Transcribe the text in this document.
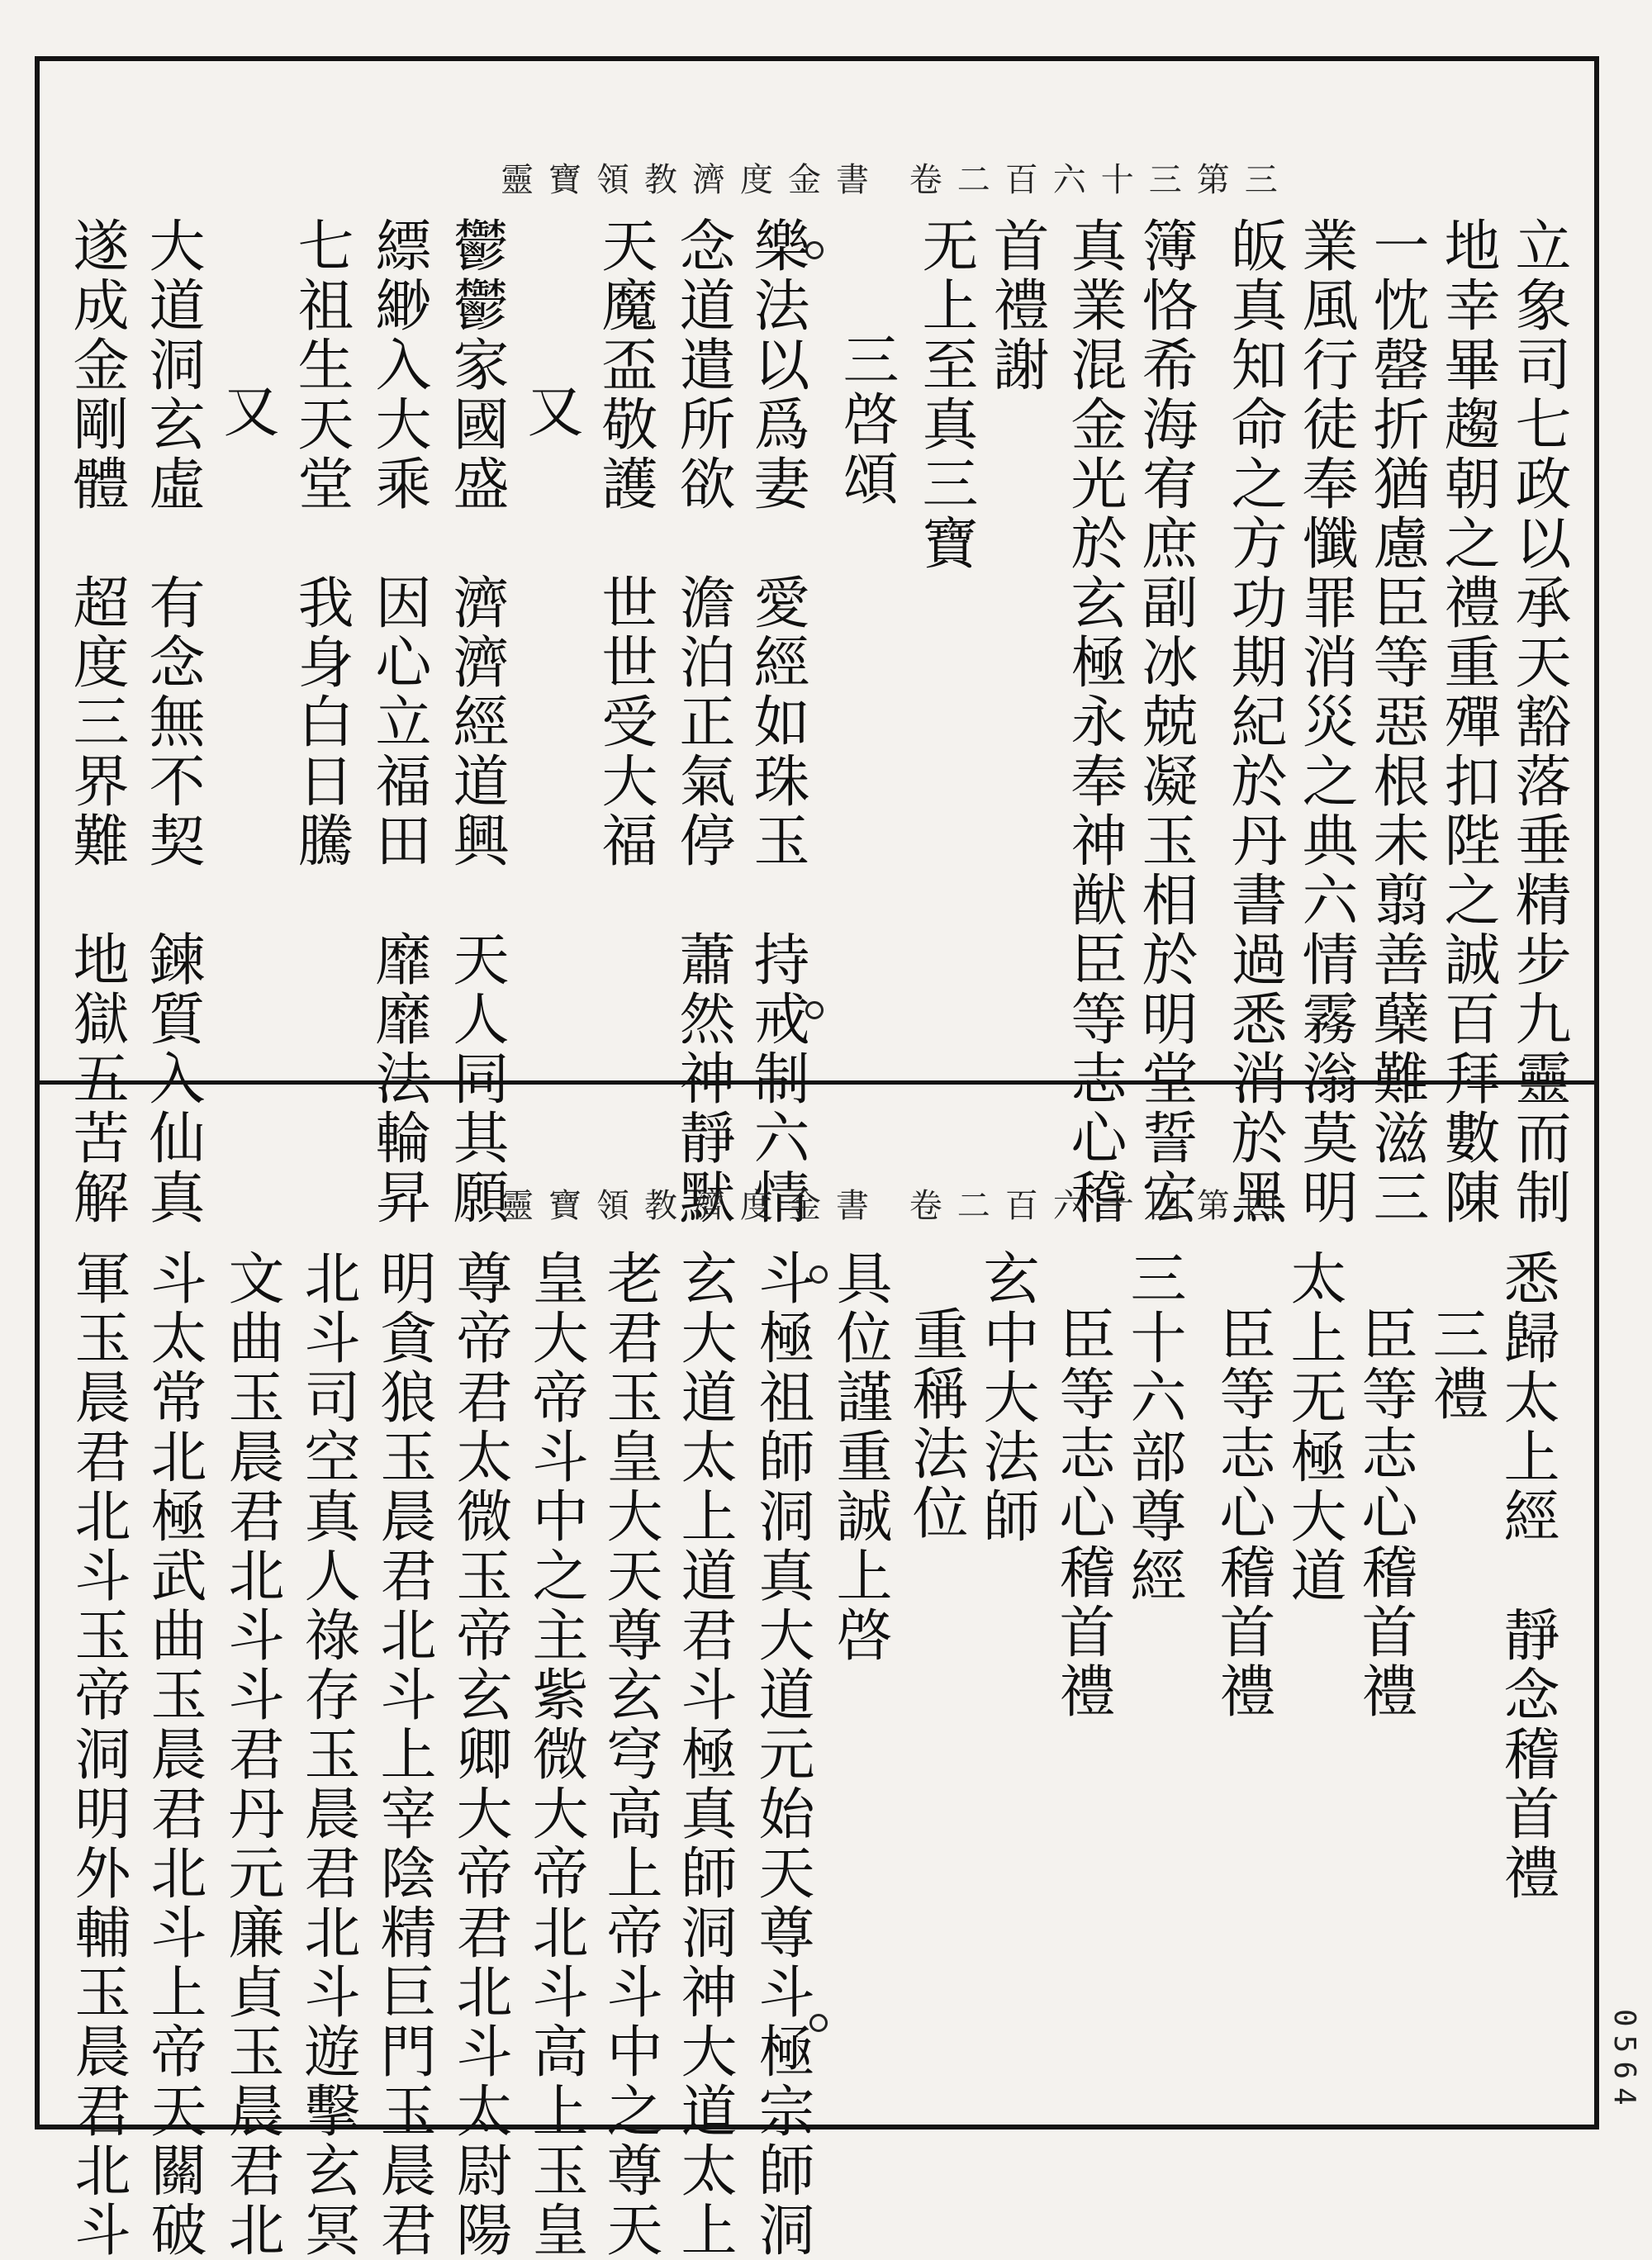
靈寶領教濟度金書 卷二百六十三第三
立象司七政以承天豁落垂精步九靈而制
地幸畢趨朝之禮重殫扣陛之誠百拜數陳
一忱罄折猶慮臣等惡根未翦善蘖難滋三
業風行徒奉懺罪消災之典六情霧滃莫明
皈真知命之方功期紀於丹書過悉消於黑
簿恪希海宥庶副冰兢凝玉相於明堂誓宏
真業混金光於玄極永奉神猷臣等志心稽
首禮謝
无上至真三寶
三啓頌
樂法以爲妻　愛經如珠玉　持戒制六情
念道遣所欲　澹泊正氣停　蕭然神靜默
天魔盃敬護　世世受大福
又
鬱鬱家國盛　濟濟經道興　天人同其願
縹緲入大乘　因心立福田　靡靡法輪昇
七祖生天堂　我身白日騰
又
大道洞玄虛　有念無不契　鍊質入仙真
遂成金剛體　超度三界難　地獄五苦解	靈寶領教濟度金書 卷二百六十四第四
悉歸太上經　靜念稽首禮
三禮
臣等志心稽首禮
太上无極大道
臣等志心稽首禮
三十六部尊經
臣等志心稽首禮
玄中大法師
重稱法位
具位謹重誠上啓
斗極祖師洞真大道元始天尊斗極宗師洞
玄大道太上道君斗極真師洞神大道太上
老君玉皇大天尊玄穹高上帝斗中之尊天
皇大帝斗中之主紫微大帝北斗高上玉皇
尊帝君太微玉帝玄卿大帝君北斗太尉陽
明貪狼玉晨君北斗上宰陰精巨門玉晨君
北斗司空真人祿存玉晨君北斗遊擊玄冥
文曲玉晨君北斗斗君丹元廉貞玉晨君北
斗太常北極武曲玉晨君北斗上帝天關破
軍玉晨君北斗玉帝洞明外輔玉晨君北斗	0564
